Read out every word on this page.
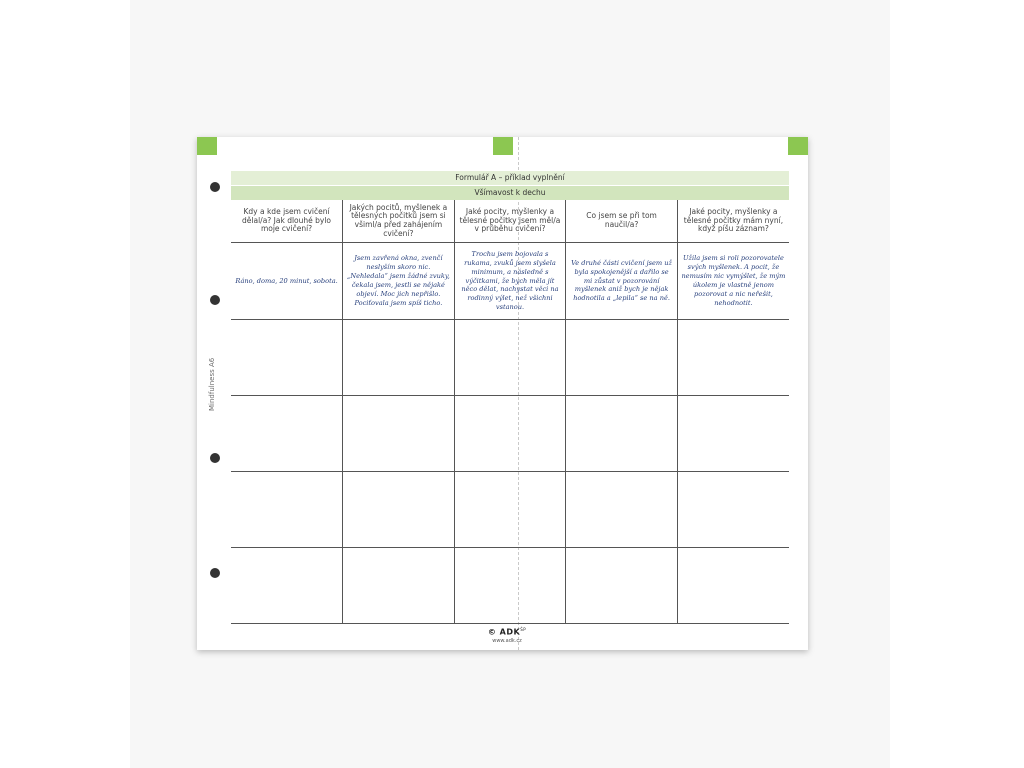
Mindfulness A6
Formulář A – příklad vyplnění
Všímavost k dechu
Kdy a kde jsem cvičení dělal/a? Jak dlouhé bylo moje cvičení?	Jakých pocitů, myšlenek a tělesných počitků jsem si všiml/a před zahájením cvičení?	Jaké pocity, myšlenky a tělesné počitky jsem měl/a v průběhu cvičení?	Co jsem se při tom naučil/a?	Jaké pocity, myšlenky a tělesné počitky mám nyní, když píšu záznam?
Ráno, doma, 20 minut, sobota.	Jsem zavřená okna, zvenčí neslyším skoro nic. „Nehledala“ jsem žádné zvuky, čekala jsem, jestli se nějaké objeví. Moc jich nepřišlo. Pociťovala jsem spíš ticho.	Trochu jsem bojovala s rukama, zvuků jsem slyšela minimum, a následně s výčitkami, že bych měla jít něco dělat, nachystat věci na rodinný výlet, než všichni vstanou.	Ve druhé části cvičení jsem už byla spokojenější a dařilo se mi zůstat v pozorování myšlenek aniž bych je nějak hodnotila a „lepila“ se na ně.	Užila jsem si roli pozorovatele svých myšlenek. A pocit, že nemusím nic vymýšlet, že mým úkolem je vlastně jenom pozorovat a nic neřešit, nehodnotit.

© $ADK^{ŠP}$
www.adk.cz
